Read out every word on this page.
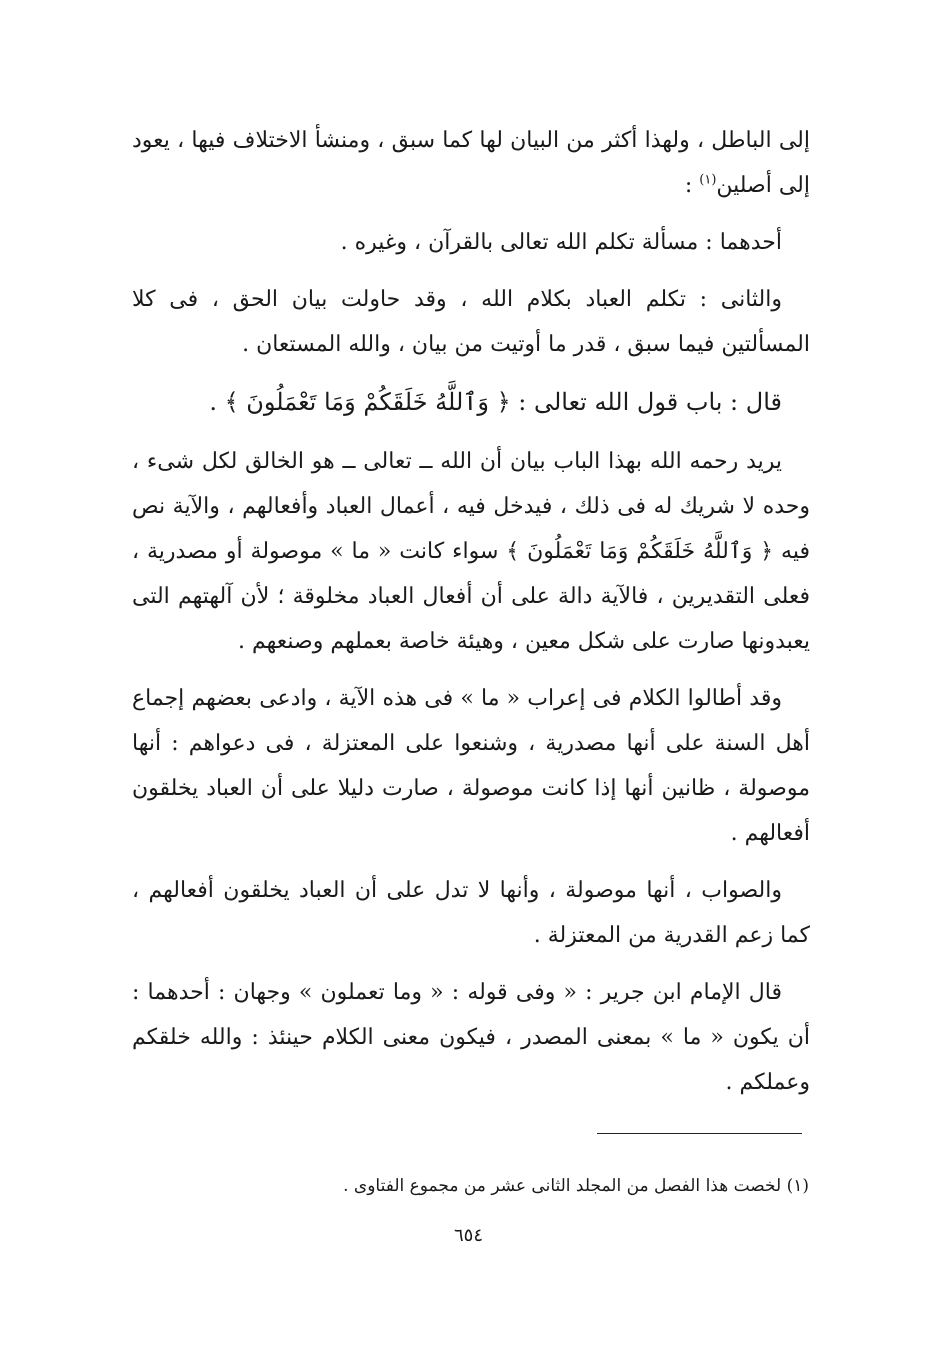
إلى الباطل ، ولهذا أكثر من البيان لها كما سبق ، ومنشأ الاختلاف فيها ، يعود إلى أصلين$^{(١)}$ :

أحدهما : مسألة تكلم الله تعالى بالقرآن ، وغيره .

والثانى : تكلم العباد بكلام الله ، وقد حاولت بيان الحق ، فى كلا المسألتين فيما سبق ، قدر ما أوتيت من بيان ، والله المستعان .

قال : باب قول الله تعالى : ﴿ وَٱللَّهُ خَلَقَكُمْ وَمَا تَعْمَلُونَ ﴾ .

يريد رحمه الله بهذا الباب بيان أن الله ــ تعالى ــ هو الخالق لكل شىء ، وحده لا شريك له فى ذلك ، فيدخل فيه ، أعمال العباد وأفعالهم ، والآية نص فيه ﴿ وَٱللَّهُ خَلَقَكُمْ وَمَا تَعْمَلُونَ ﴾ سواء كانت « ما » موصولة أو مصدرية ، فعلى التقديرين ، فالآية دالة على أن أفعال العباد مخلوقة ؛ لأن آلهتهم التى يعبدونها صارت على شكل معين ، وهيئة خاصة بعملهم وصنعهم .

وقد أطالوا الكلام فى إعراب « ما » فى هذه الآية ، وادعى بعضهم إجماع أهل السنة على أنها مصدرية ، وشنعوا على المعتزلة ، فى دعواهم : أنها موصولة ، ظانين أنها إذا كانت موصولة ، صارت دليلا على أن العباد يخلقون أفعالهم .

والصواب ، أنها موصولة ، وأنها لا تدل على أن العباد يخلقون أفعالهم ، كما زعم القدرية من المعتزلة .

قال الإمام ابن جرير : « وفى قوله : « وما تعملون » وجهان : أحدهما : أن يكون « ما » بمعنى المصدر ، فيكون معنى الكلام حينئذ : والله خلقكم وعملكم .

(١) لخصت هذا الفصل من المجلد الثانى عشر من مجموع الفتاوى .
٦٥٤
